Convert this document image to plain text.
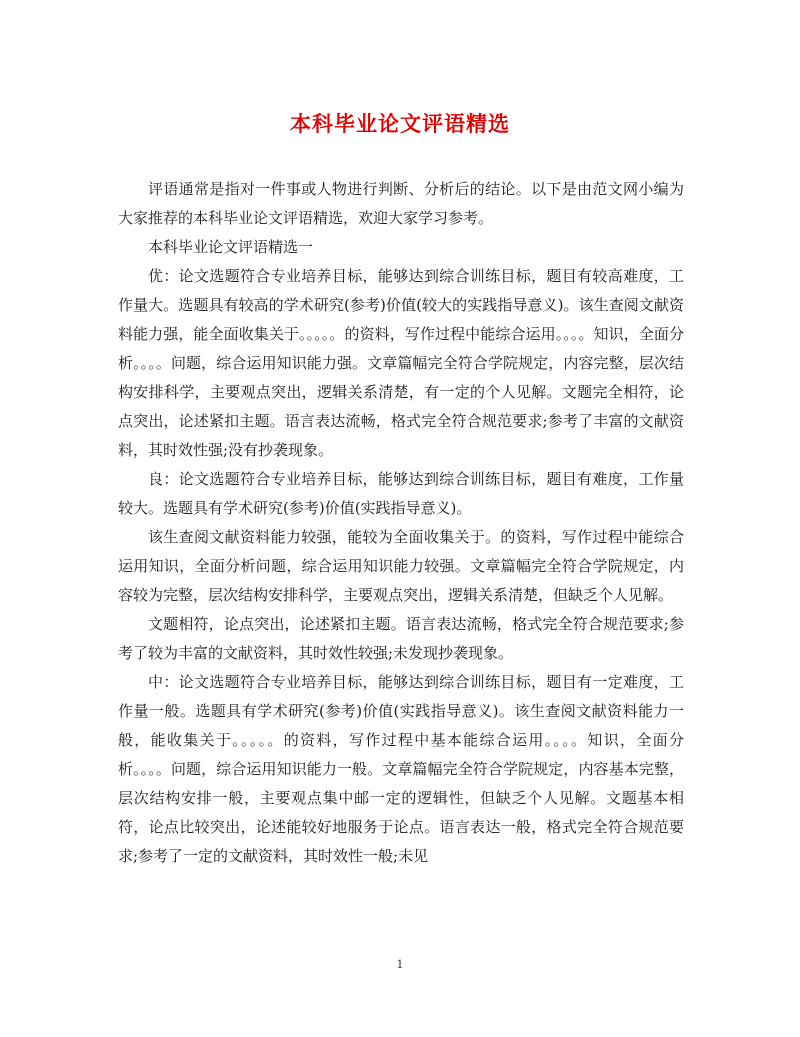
本科毕业论文评语精选

评语通常是指对一件事或人物进行判断、分析后的结论。以下是由范文网小编为大家推荐的本科毕业论文评语精选，欢迎大家学习参考。

本科毕业论文评语精选一

优：论文选题符合专业培养目标，能够达到综合训练目标，题目有较高难度，工作量大。选题具有较高的学术研究(参考)价值(较大的实践指导意义)。该生查阅文献资料能力强，能全面收集关于。。。。。的资料，写作过程中能综合运用。。。。知识，全面分析。。。。问题，综合运用知识能力强。文章篇幅完全符合学院规定，内容完整，层次结构安排科学，主要观点突出，逻辑关系清楚，有一定的个人见解。文题完全相符，论点突出，论述紧扣主题。语言表达流畅，格式完全符合规范要求;参考了丰富的文献资料，其时效性强;没有抄袭现象。

良：论文选题符合专业培养目标，能够达到综合训练目标，题目有难度，工作量较大。选题具有学术研究(参考)价值(实践指导意义)。

该生查阅文献资料能力较强，能较为全面收集关于。的资料，写作过程中能综合运用知识，全面分析问题，综合运用知识能力较强。文章篇幅完全符合学院规定，内容较为完整，层次结构安排科学，主要观点突出，逻辑关系清楚，但缺乏个人见解。

文题相符，论点突出，论述紧扣主题。语言表达流畅，格式完全符合规范要求;参考了较为丰富的文献资料，其时效性较强;未发现抄袭现象。

中：论文选题符合专业培养目标，能够达到综合训练目标，题目有一定难度，工作量一般。选题具有学术研究(参考)价值(实践指导意义)。该生查阅文献资料能力一般，能收集关于。。。。。的资料，写作过程中基本能综合运用。。。。知识，全面分析。。。。问题，综合运用知识能力一般。文章篇幅完全符合学院规定，内容基本完整，层次结构安排一般，主要观点集中邮一定的逻辑性，但缺乏个人见解。文题基本相符，论点比较突出，论述能较好地服务于论点。语言表达一般，格式完全符合规范要求;参考了一定的文献资料，其时效性一般;未见

1
